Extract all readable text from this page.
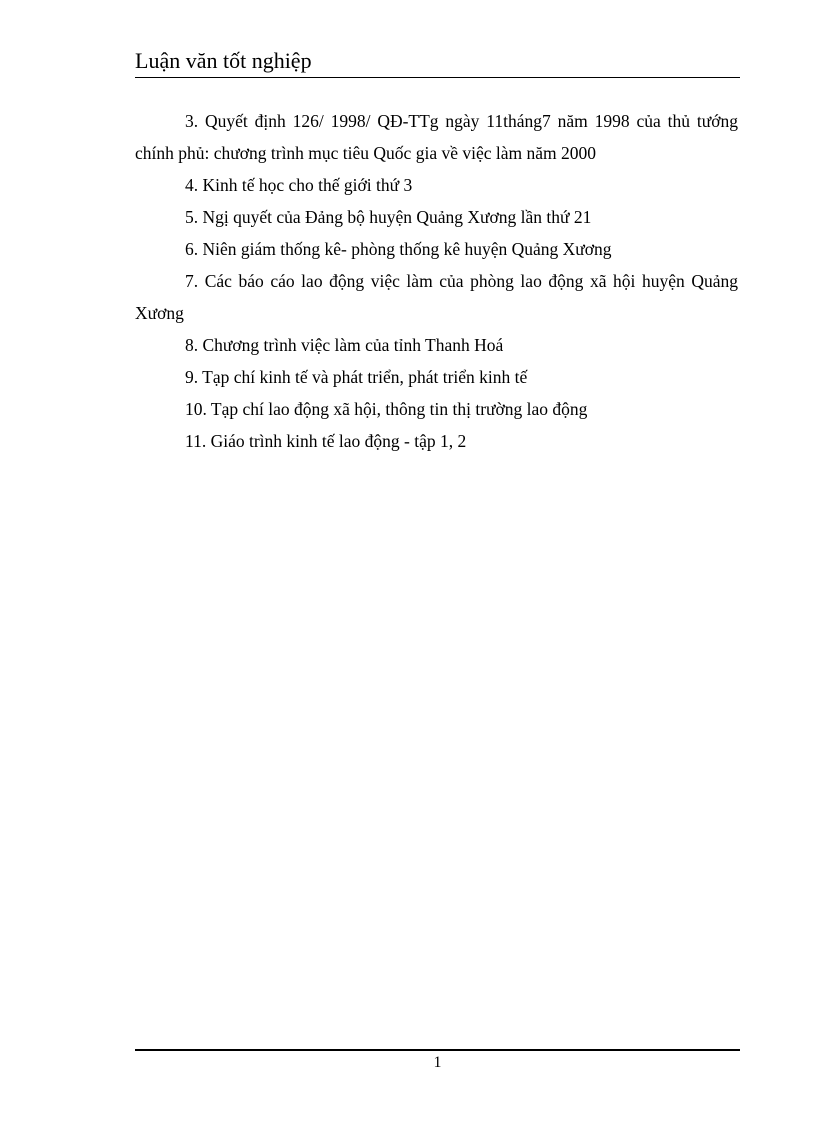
Luận văn tốt nghiệp
3. Quyết định 126/ 1998/ QĐ-TTg ngày 11tháng7 năm 1998 của thủ tướng chính phủ: chương trình mục tiêu Quốc gia về việc làm năm 2000
4. Kinh tế học cho thế giới thứ 3
5. Ngị quyết của Đảng bộ huyện Quảng Xương lần thứ 21
6. Niên giám thống kê- phòng thống kê huyện Quảng Xương
7. Các báo cáo lao động việc làm của phòng lao động xã hội huyện Quảng Xương
8. Chương trình việc làm của tỉnh Thanh Hoá
9. Tạp chí kinh tế và phát triển, phát triển kinh tế
10. Tạp chí lao động xã hội, thông tin thị trường lao động
11. Giáo trình kinh tế lao động - tập 1, 2
1
